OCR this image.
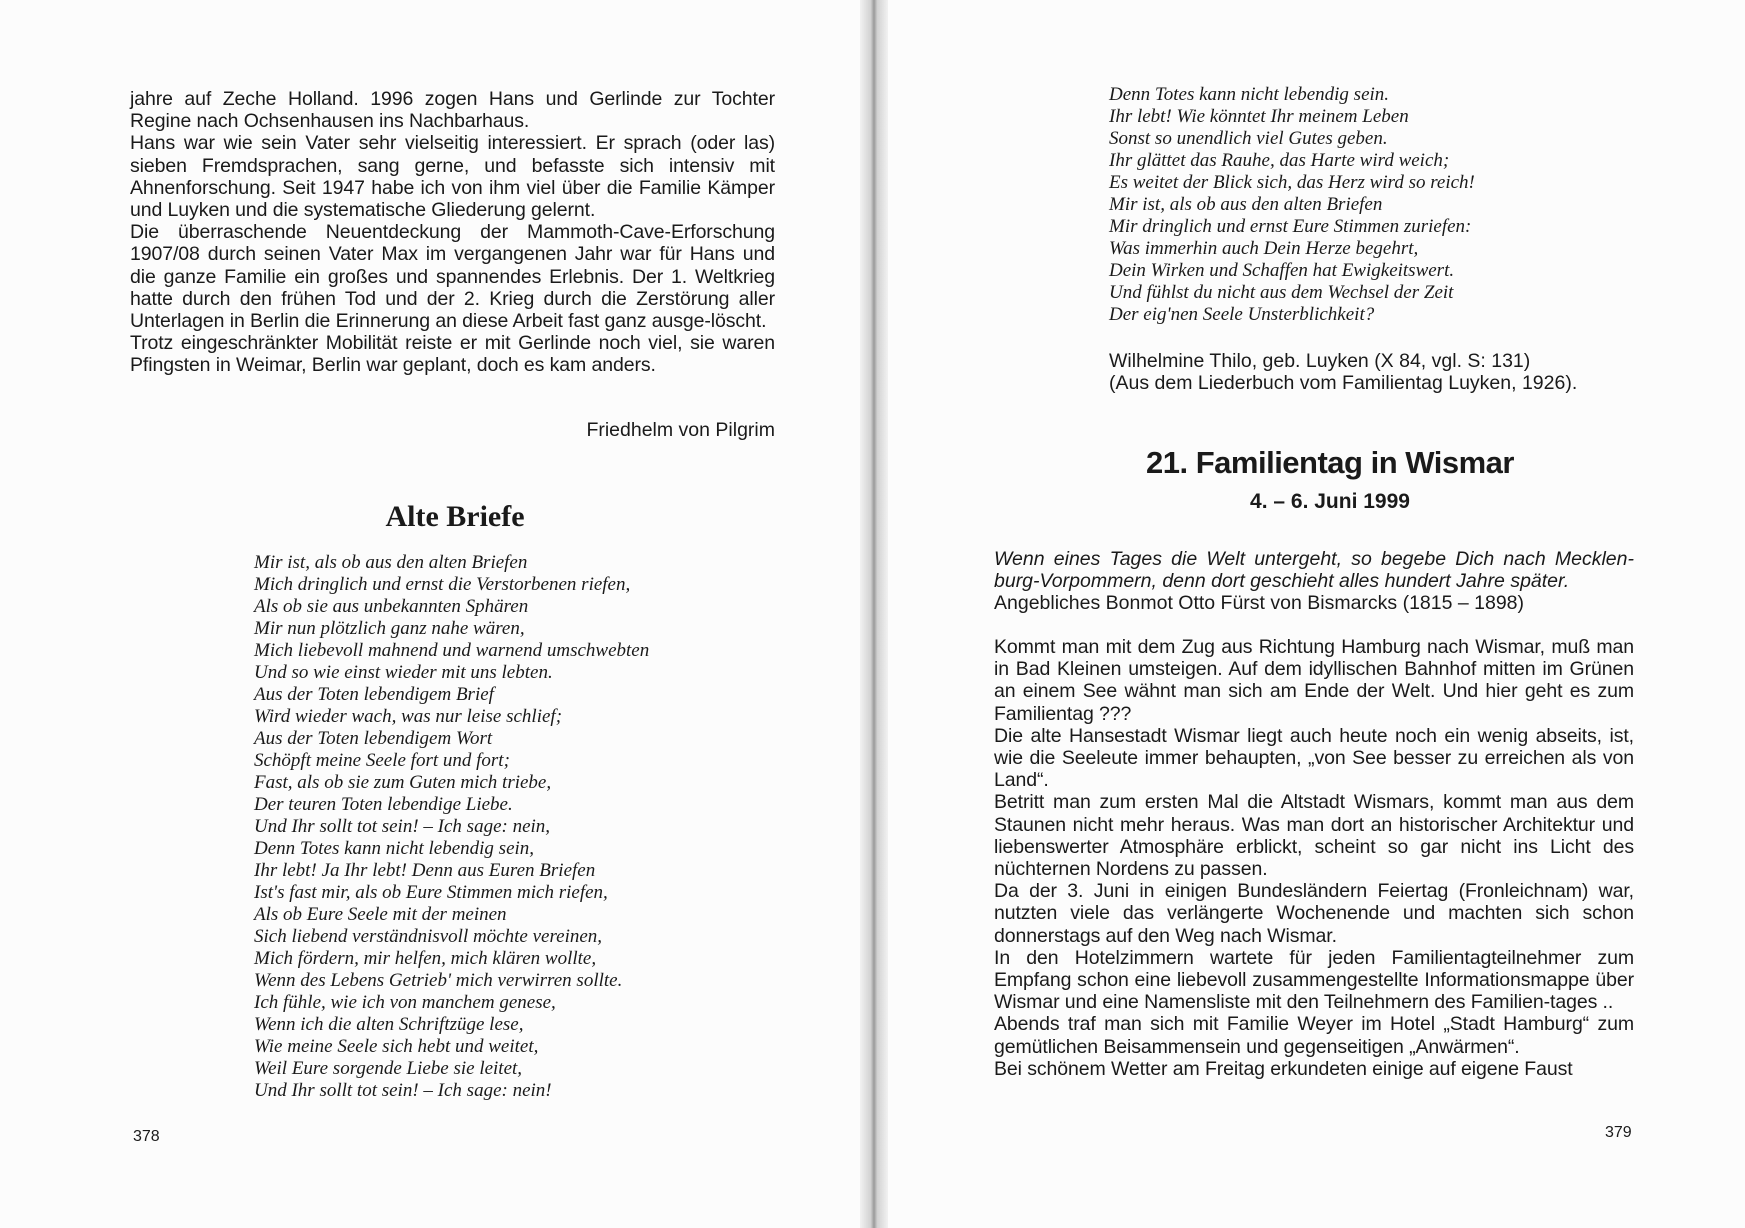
jahre auf Zeche Holland. 1996 zogen Hans und Gerlinde zur Tochter Regine nach Ochsenhausen ins Nachbarhaus.

Hans war wie sein Vater sehr vielseitig interessiert. Er sprach (oder las) sieben Fremdsprachen, sang gerne, und befasste sich intensiv mit Ahnenforschung. Seit 1947 habe ich von ihm viel über die Familie Kämper und Luyken und die systematische Gliederung gelernt.

Die überraschende Neuentdeckung der Mammoth-Cave-Erforschung 1907/08 durch seinen Vater Max im vergangenen Jahr war für Hans und die ganze Familie ein großes und spannendes Erlebnis. Der 1. Weltkrieg hatte durch den frühen Tod und der 2. Krieg durch die Zerstörung aller Unterlagen in Berlin die Erinnerung an diese Arbeit fast ganz ausge-löscht.

Trotz eingeschränkter Mobilität reiste er mit Gerlinde noch viel, sie waren Pfingsten in Weimar, Berlin war geplant, doch es kam anders.

Friedhelm von Pilgrim
Alte Briefe
Mir ist, als ob aus den alten Briefen
Mich dringlich und ernst die Verstorbenen riefen,
Als ob sie aus unbekannten Sphären
Mir nun plötzlich ganz nahe wären,
Mich liebevoll mahnend und warnend umschwebten
Und so wie einst wieder mit uns lebten.
Aus der Toten lebendigem Brief
Wird wieder wach, was nur leise schlief;
Aus der Toten lebendigem Wort
Schöpft meine Seele fort und fort;
Fast, als ob sie zum Guten mich triebe,
Der teuren Toten lebendige Liebe.
Und Ihr sollt tot sein! – Ich sage: nein,
Denn Totes kann nicht lebendig sein,
Ihr lebt! Ja Ihr lebt! Denn aus Euren Briefen
Ist's fast mir, als ob Eure Stimmen mich riefen,
Als ob Eure Seele mit der meinen
Sich liebend verständnisvoll möchte vereinen,
Mich fördern, mir helfen, mich klären wollte,
Wenn des Lebens Getrieb' mich verwirren sollte.
Ich fühle, wie ich von manchem genese,
Wenn ich die alten Schriftzüge lese,
Wie meine Seele sich hebt und weitet,
Weil Eure sorgende Liebe sie leitet,
Und Ihr sollt tot sein! – Ich sage: nein!
378
Denn Totes kann nicht lebendig sein.
Ihr lebt! Wie könntet Ihr meinem Leben
Sonst so unendlich viel Gutes geben.
Ihr glättet das Rauhe, das Harte wird weich;
Es weitet der Blick sich, das Herz wird so reich!
Mir ist, als ob aus den alten Briefen
Mir dringlich und ernst Eure Stimmen zuriefen:
Was immerhin auch Dein Herze begehrt,
Dein Wirken und Schaffen hat Ewigkeitswert.
Und fühlst du nicht aus dem Wechsel der Zeit
Der eig'nen Seele Unsterblichkeit?
Wilhelmine Thilo, geb. Luyken (X 84, vgl. S: 131)
(Aus dem Liederbuch vom Familientag Luyken, 1926).
21. Familientag in Wismar
4. – 6. Juni 1999

Wenn eines Tages die Welt untergeht, so begebe Dich nach Mecklen-burg-Vorpommern, denn dort geschieht alles hundert Jahre später.

Angebliches Bonmot Otto Fürst von Bismarcks (1815 – 1898)

Kommt man mit dem Zug aus Richtung Hamburg nach Wismar, muß man in Bad Kleinen umsteigen. Auf dem idyllischen Bahnhof mitten im Grünen an einem See wähnt man sich am Ende der Welt. Und hier geht es zum Familientag ???

Die alte Hansestadt Wismar liegt auch heute noch ein wenig abseits, ist, wie die Seeleute immer behaupten, „von See besser zu erreichen als von Land“.

Betritt man zum ersten Mal die Altstadt Wismars, kommt man aus dem Staunen nicht mehr heraus. Was man dort an historischer Architektur und liebenswerter Atmosphäre erblickt, scheint so gar nicht ins Licht des nüchternen Nordens zu passen.

Da der 3. Juni in einigen Bundesländern Feiertag (Fronleichnam) war, nutzten viele das verlängerte Wochenende und machten sich schon donnerstags auf den Weg nach Wismar.

In den Hotelzimmern wartete für jeden Familientagteilnehmer zum Empfang schon eine liebevoll zusammengestellte Informationsmappe über Wismar und eine Namensliste mit den Teilnehmern des Familien-tages ..

Abends traf man sich mit Familie Weyer im Hotel „Stadt Hamburg“ zum gemütlichen Beisammensein und gegenseitigen „Anwärmen“.

Bei schönem Wetter am Freitag erkundeten einige auf eigene Faust

379
